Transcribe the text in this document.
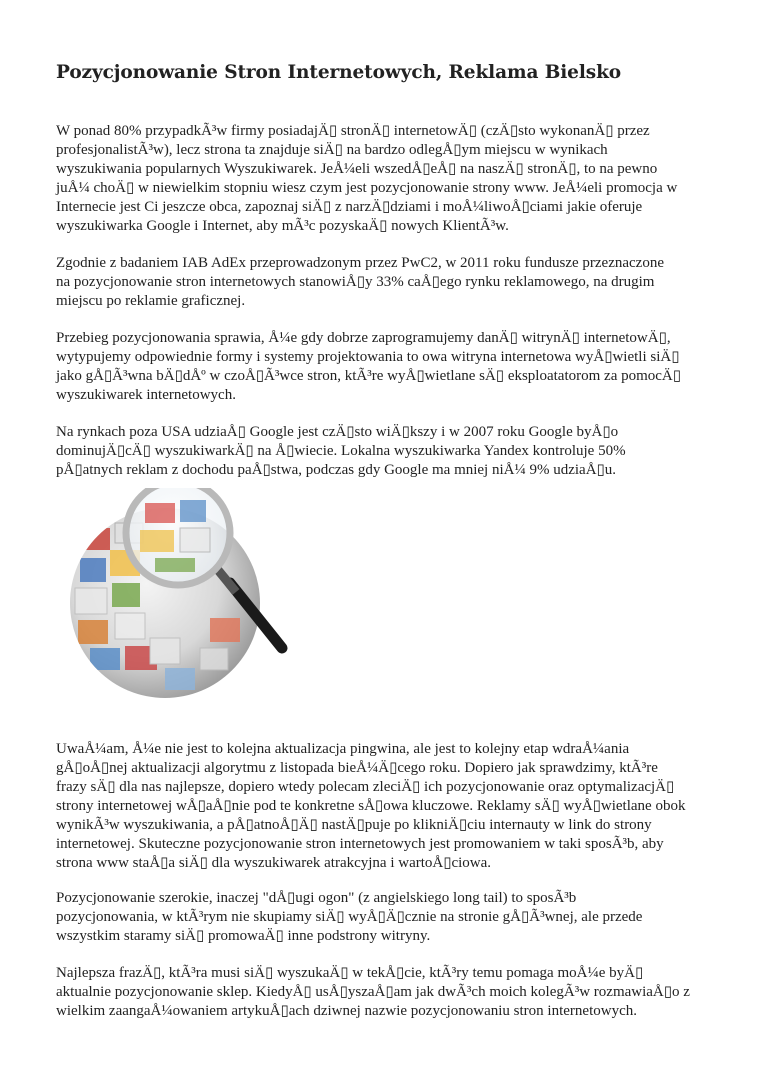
Pozycjonowanie Stron Internetowych, Reklama Bielsko
W ponad 80% przypadkÃ³w firmy posiadajÄ▯ stronÄ▯ internetowÄ▯ (czÄ▯sto wykonanÄ▯ przez
profesjonalistÃ³w), lecz strona ta znajduje siÄ▯ na bardzo odlegÅ▯ym miejscu w wynikach
wyszukiwania popularnych Wyszukiwarek. JeÅ¼eli wszedÅ▯eÅ▯ na naszÄ▯ stronÄ▯, to na pewno
juÅ¼ choÄ▯ w niewielkim stopniu wiesz czym jest pozycjonowanie strony www. JeÅ¼eli promocja w
Internecie jest Ci jeszcze obca, zapoznaj siÄ▯ z narzÄ▯dziami i moÅ¼liwoÅ▯ciami jakie oferuje
wyszukiwarka Google i Internet, aby mÃ³c pozyskaÄ▯ nowych KlientÃ³w.
Zgodnie z badaniem IAB AdEx przeprowadzonym przez PwC2, w 2011 roku fundusze przeznaczone
na pozycjonowanie stron internetowych stanowiÅ▯y 33% caÅ▯ego rynku reklamowego, na drugim
miejscu po reklamie graficznej.
Przebieg pozycjonowania sprawia, Å¼e gdy dobrze zaprogramujemy danÄ▯ witrynÄ▯ internetowÄ▯,
wytypujemy odpowiednie formy i systemy projektowania to owa witryna internetowa wyÅ▯wietli siÄ▯
jako gÅ▯Ã³wna bÄ▯dÅº w czoÅ▯Ã³wce stron, ktÃ³re wyÅ▯wietlane sÄ▯ eksploatatorom za pomocÄ▯
wyszukiwarek internetowych.
Na rynkach poza USA udziaÅ▯ Google jest czÄ▯sto wiÄ▯kszy i w 2007 roku Google byÅ▯o
dominujÄ▯cÄ▯ wyszukiwarkÄ▯ na Å▯wiecie. Lokalna wyszukiwarka Yandex kontroluje 50%
pÅ▯atnych reklam z dochodu paÅ▯stwa, podczas gdy Google ma mniej niÅ¼ 9% udziaÅ▯u.
UwaÅ¼am, Å¼e nie jest to kolejna aktualizacja pingwina, ale jest to kolejny etap wdraÅ¼ania
gÅ▯oÅ▯nej aktualizacji algorytmu z listopada bieÅ¼Ä▯cego roku. Dopiero jak sprawdzimy, ktÃ³re
frazy sÄ▯ dla nas najlepsze, dopiero wtedy polecam zleciÄ▯ ich pozycjonowanie oraz optymalizacjÄ▯
strony internetowej wÅ▯aÅ▯nie pod te konkretne sÅ▯owa kluczowe. Reklamy sÄ▯ wyÅ▯wietlane obok
wynikÃ³w wyszukiwania, a pÅ▯atnoÅ▯Ä▯ nastÄ▯puje po klikniÄ▯ciu internauty w link do strony
internetowej. Skuteczne pozycjonowanie stron internetowych jest promowaniem w taki sposÃ³b, aby
strona www staÅ▯a siÄ▯ dla wyszukiwarek atrakcyjna i wartoÅ▯ciowa.
Pozycjonowanie szerokie, inaczej "dÅ▯ugi ogon" (z angielskiego long tail) to sposÃ³b
pozycjonowania, w ktÃ³rym nie skupiamy siÄ▯ wyÅ▯Ä▯cznie na stronie gÅ▯Ã³wnej, ale przede
wszystkim staramy siÄ▯ promowaÄ▯ inne podstrony witryny.
Najlepsza frazÄ▯, ktÃ³ra musi siÄ▯ wyszukaÄ▯ w tekÅ▯cie, ktÃ³ry temu pomaga moÅ¼e byÄ▯
aktualnie pozycjonowanie sklep. KiedyÅ▯ usÅ▯yszaÅ▯am jak dwÃ³ch moich kolegÃ³w rozmawiaÅ▯o z
wielkim zaangaÅ¼owaniem artykuÅ▯ach dziwnej nazwie pozycjonowaniu stron internetowych.
